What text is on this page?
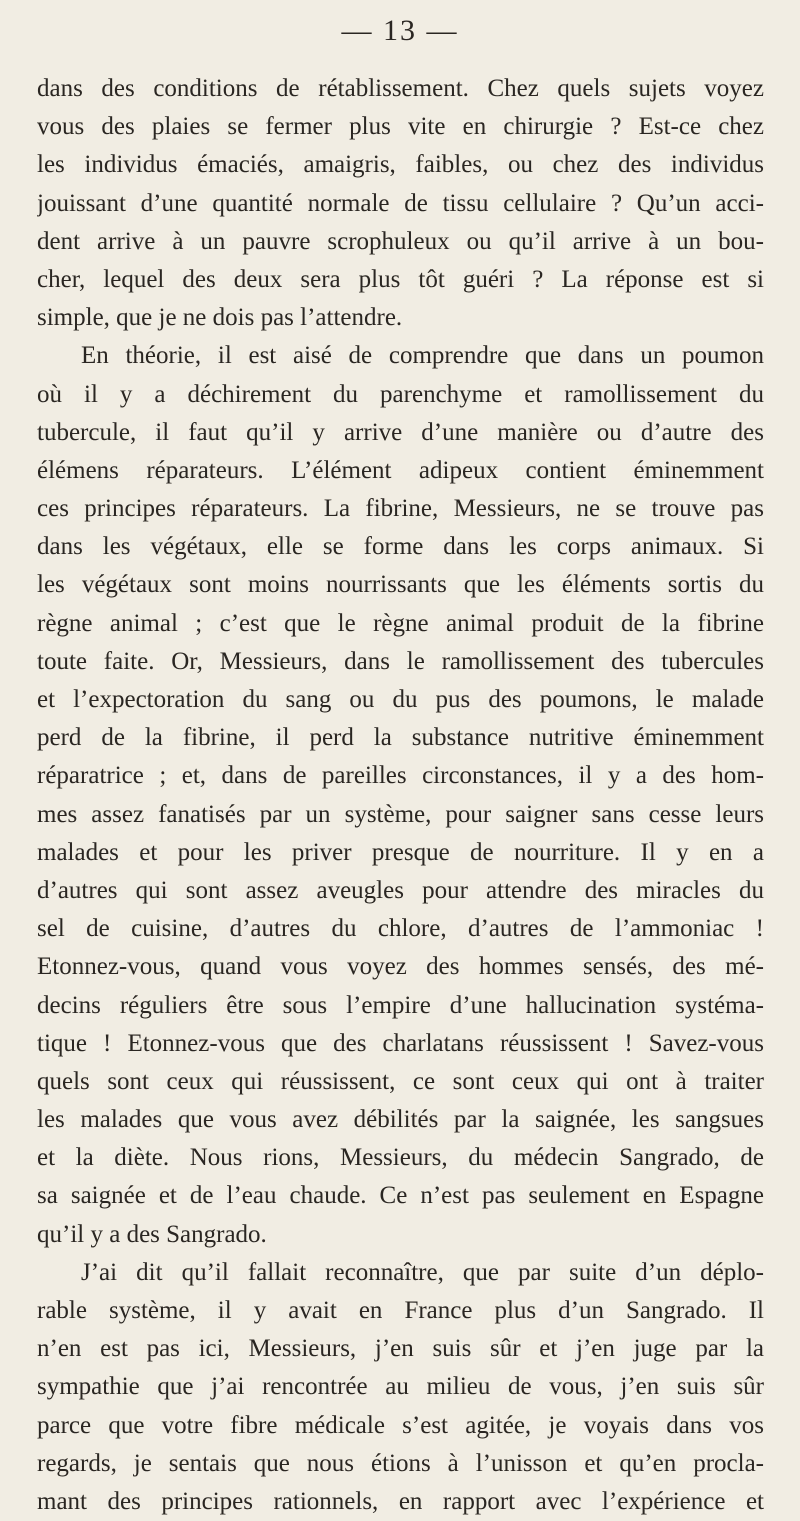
— 13 —
dans des conditions de rétablissement. Chez quels sujets voyez
vous des plaies se fermer plus vite en chirurgie ? Est-ce chez
les individus émaciés, amaigris, faibles, ou chez des individus
jouissant d’une quantité normale de tissu cellulaire ? Qu’un acci-
dent arrive à un pauvre scrophuleux ou qu’il arrive à un bou-
cher, lequel des deux sera plus tôt guéri ? La réponse est si
simple, que je ne dois pas l’attendre.
En théorie, il est aisé de comprendre que dans un poumon
où il y a déchirement du parenchyme et ramollissement du
tubercule, il faut qu’il y arrive d’une manière ou d’autre des
élémens réparateurs. L’élément adipeux contient éminemment
ces principes réparateurs. La fibrine, Messieurs, ne se trouve pas
dans les végétaux, elle se forme dans les corps animaux. Si
les végétaux sont moins nourrissants que les éléments sortis du
règne animal ; c’est que le règne animal produit de la fibrine
toute faite. Or, Messieurs, dans le ramollissement des tubercules
et l’expectoration du sang ou du pus des poumons, le malade
perd de la fibrine, il perd la substance nutritive éminemment
réparatrice ; et, dans de pareilles circonstances, il y a des hom-
mes assez fanatisés par un système, pour saigner sans cesse leurs
malades et pour les priver presque de nourriture. Il y en a
d’autres qui sont assez aveugles pour attendre des miracles du
sel de cuisine, d’autres du chlore, d’autres de l’ammoniac !
Etonnez-vous, quand vous voyez des hommes sensés, des mé-
decins réguliers être sous l’empire d’une hallucination systéma-
tique ! Etonnez-vous que des charlatans réussissent ! Savez-vous
quels sont ceux qui réussissent, ce sont ceux qui ont à traiter
les malades que vous avez débilités par la saignée, les sangsues
et la diète. Nous rions, Messieurs, du médecin Sangrado, de
sa saignée et de l’eau chaude. Ce n’est pas seulement en Espagne
qu’il y a des Sangrado.
J’ai dit qu’il fallait reconnaître, que par suite d’un déplo-
rable système, il y avait en France plus d’un Sangrado. Il
n’en est pas ici, Messieurs, j’en suis sûr et j’en juge par la
sympathie que j’ai rencontrée au milieu de vous, j’en suis sûr
parce que votre fibre médicale s’est agitée, je voyais dans vos
regards, je sentais que nous étions à l’unisson et qu’en procla-
mant des principes rationnels, en rapport avec l’expérience et
